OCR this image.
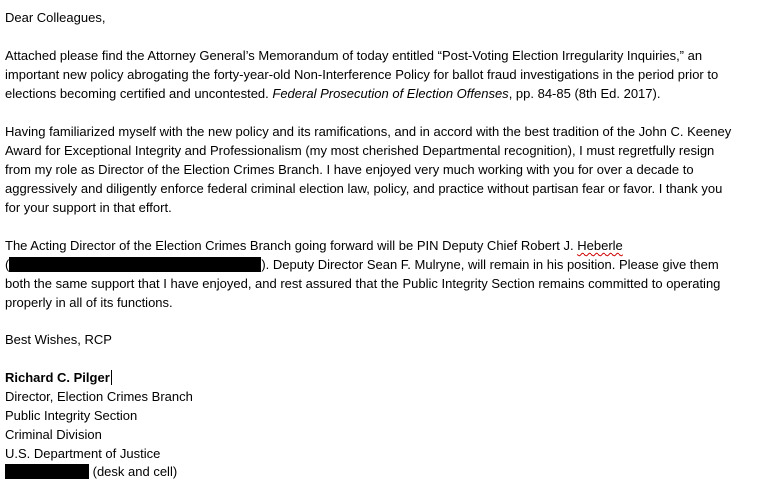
Dear Colleagues,
Attached please find the Attorney General’s Memorandum of today entitled “Post-Voting Election Irregularity Inquiries,” an
important new policy abrogating the forty-year-old Non-Interference Policy for ballot fraud investigations in the period prior to
elections becoming certified and uncontested. Federal Prosecution of Election Offenses, pp. 84-85 (8th Ed. 2017).
Having familiarized myself with the new policy and its ramifications, and in accord with the best tradition of the John C. Keeney
Award for Exceptional Integrity and Professionalism (my most cherished Departmental recognition), I must regretfully resign
from my role as Director of the Election Crimes Branch. I have enjoyed very much working with you for over a decade to
aggressively and diligently enforce federal criminal election law, policy, and practice without partisan fear or favor. I thank you
for your support in that effort.
The Acting Director of the Election Crimes Branch going forward will be PIN Deputy Chief Robert J. Heberle
(	). Deputy Director Sean F. Mulryne, will remain in his position. Please give them
both the same support that I have enjoyed, and rest assured that the Public Integrity Section remains committed to operating
properly in all of its functions.
Best Wishes, RCP
Richard C. Pilger
Director, Election Crimes Branch
Public Integrity Section
Criminal Division
U.S. Department of Justice
(desk and cell)
